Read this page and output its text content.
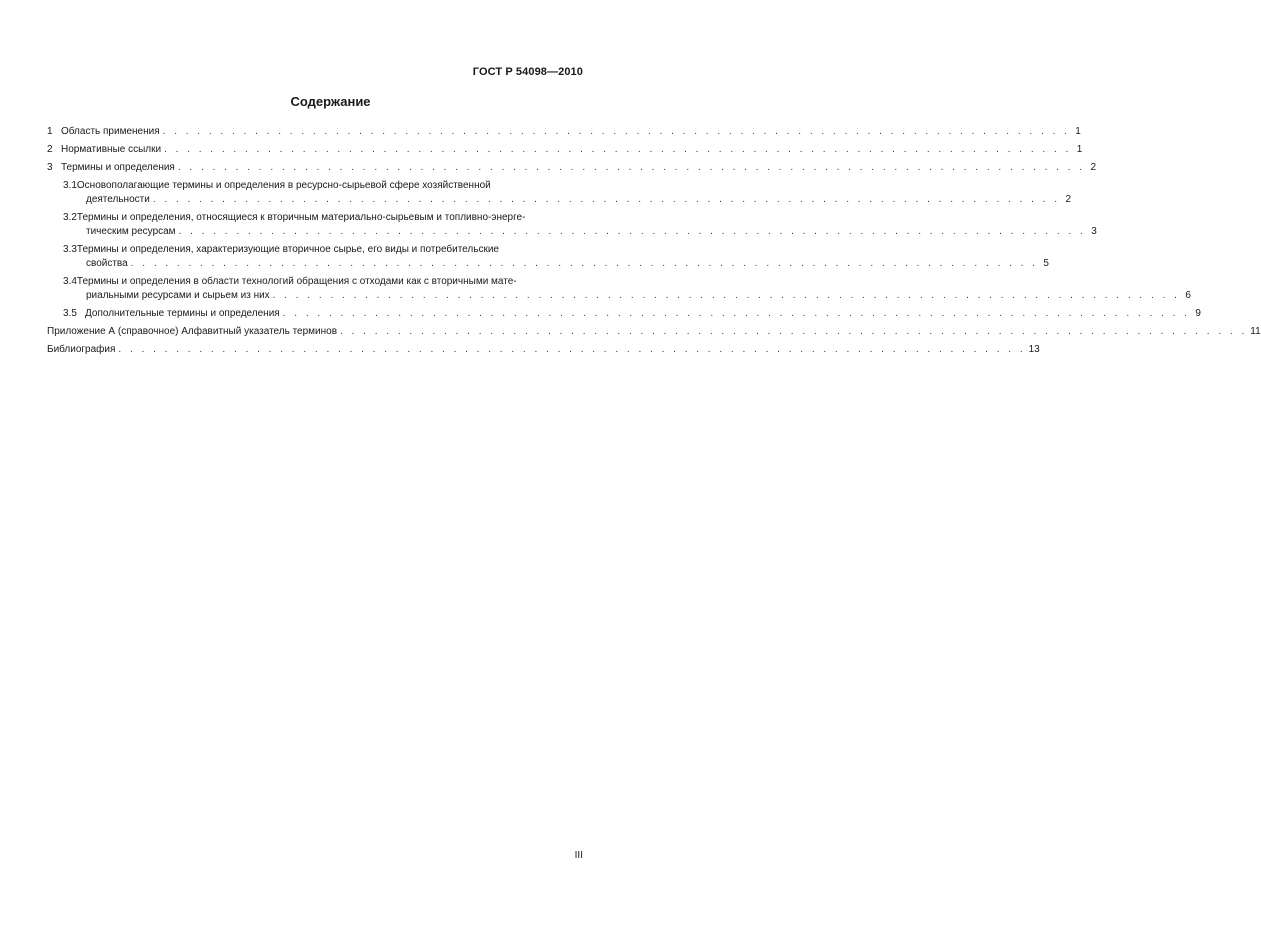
ГОСТ Р 54098—2010
Содержание
1 Область применения . . . . . . . . . . . . . . . . . . . . . . . . . . . . . . . . . . . . . . . . . . . . . . . . . . . . . . . . . . . . . . . . . . . . . . . . . . . . . . . 1
2 Нормативные ссылки . . . . . . . . . . . . . . . . . . . . . . . . . . . . . . . . . . . . . . . . . . . . . . . . . . . . . . . . . . . . . . . . . . . . . . . . . . . . . . . 1
3 Термины и определения . . . . . . . . . . . . . . . . . . . . . . . . . . . . . . . . . . . . . . . . . . . . . . . . . . . . . . . . . . . . . . . . . . . . . . . . . . . . . . . 2
3.1Основополагающие термины и определения в ресурсно-сырьевой сфере хозяйственной
деятельности . . . . . . . . . . . . . . . . . . . . . . . . . . . . . . . . . . . . . . . . . . . . . . . . . . . . . . . . . . . . . . . . . . . . . . . . . . . . . . . 2
3.2Термины и определения, относящиеся к вторичным материально-сырьевым и топливно-энерге-
тическим ресурсам . . . . . . . . . . . . . . . . . . . . . . . . . . . . . . . . . . . . . . . . . . . . . . . . . . . . . . . . . . . . . . . . . . . . . . . . . . . . . . . 3
3.3Термины и определения, характеризующие вторичное сырье, его виды и потребительские
свойства . . . . . . . . . . . . . . . . . . . . . . . . . . . . . . . . . . . . . . . . . . . . . . . . . . . . . . . . . . . . . . . . . . . . . . . . . . . . . . . 5
3.4Термины и определения в области технологий обращения с отходами как с вторичными мате-
риальными ресурсами и сырьем из них . . . . . . . . . . . . . . . . . . . . . . . . . . . . . . . . . . . . . . . . . . . . . . . . . . . . . . . . . . . . . . . . . . . . . . . . . . . . . . . 6
3.5 Дополнительные термины и определения . . . . . . . . . . . . . . . . . . . . . . . . . . . . . . . . . . . . . . . . . . . . . . . . . . . . . . . . . . . . . . . . . . . . . . . . . . . . . . . 9
Приложение А (справочное) Алфавитный указатель терминов . . . . . . . . . . . . . . . . . . . . . . . . . . . . . . . . . . . . . . . . . . . . . . . . . . . . . . . . . . . . . . . . . . . . . . . . . . . . . . . 11
Библиография . . . . . . . . . . . . . . . . . . . . . . . . . . . . . . . . . . . . . . . . . . . . . . . . . . . . . . . . . . . . . . . . . . . . . . . . . . . . . . . 13
III
